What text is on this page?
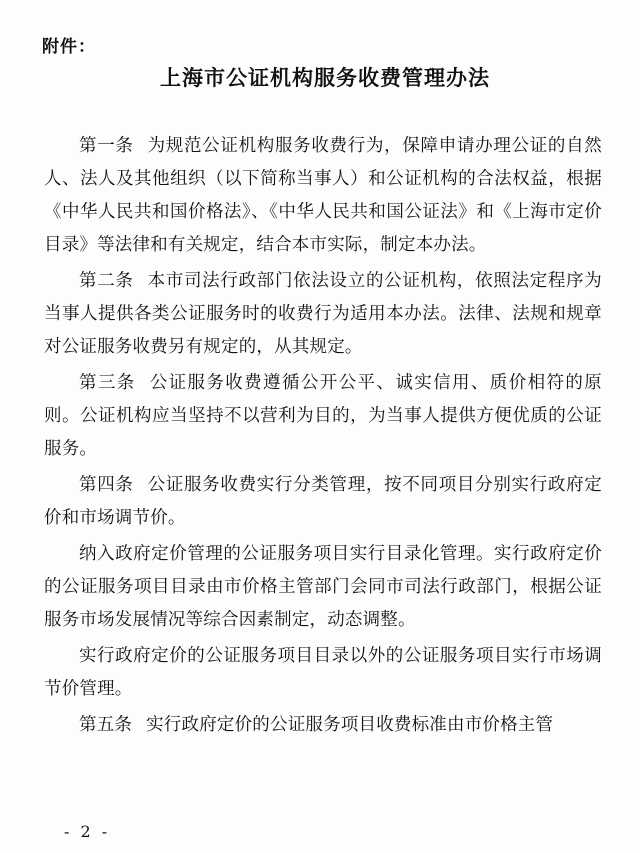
附件：
上海市公证机构服务收费管理办法

第一条 为规范公证机构服务收费行为，保障申请办理公证的自然人、法人及其他组织（以下简称当事人）和公证机构的合法权益，根据《中华人民共和国价格法》、《中华人民共和国公证法》和《上海市定价目录》等法律和有关规定，结合本市实际，制定本办法。

第二条 本市司法行政部门依法设立的公证机构，依照法定程序为当事人提供各类公证服务时的收费行为适用本办法。法律、法规和规章对公证服务收费另有规定的，从其规定。

第三条 公证服务收费遵循公开公平、诚实信用、质价相符的原则。公证机构应当坚持不以营利为目的，为当事人提供方便优质的公证服务。

第四条 公证服务收费实行分类管理，按不同项目分别实行政府定价和市场调节价。

纳入政府定价管理的公证服务项目实行目录化管理。实行政府定价的公证服务项目目录由市价格主管部门会同市司法行政部门，根据公证服务市场发展情况等综合因素制定，动态调整。

实行政府定价的公证服务项目目录以外的公证服务项目实行市场调节价管理。

第五条 实行政府定价的公证服务项目收费标准由市价格主管

- 2 -
